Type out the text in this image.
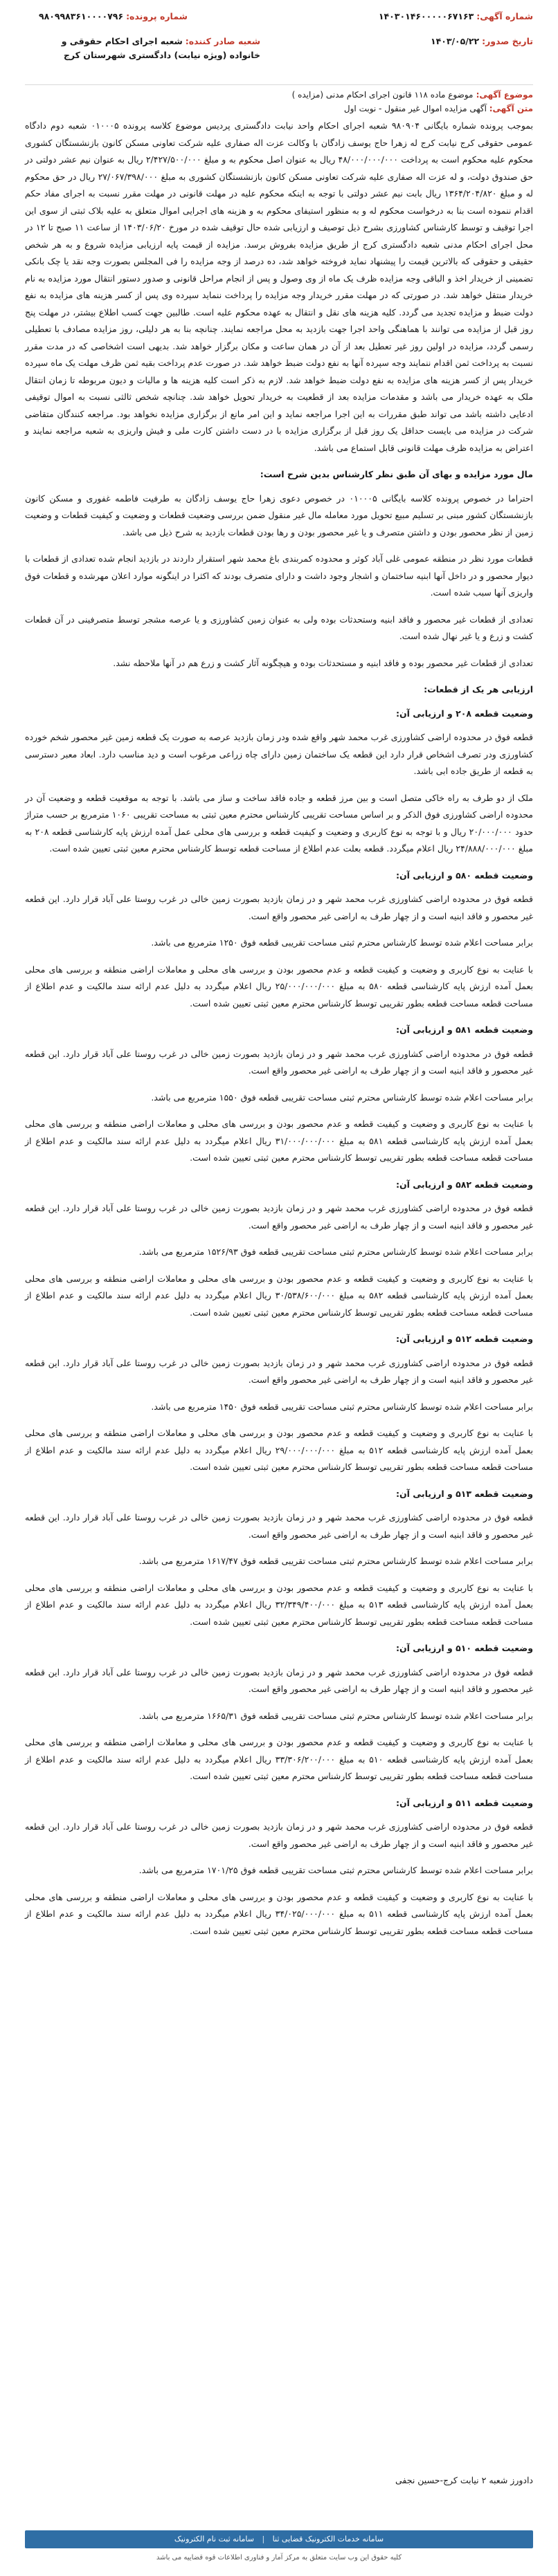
شماره آگهی: ۱۴۰۳۰۱۴۶۰۰۰۰۰۶۷۱۶۳
شماره پرونده: ۹۸۰۹۹۸۳۶۱۰۰۰۰۷۹۶
تاریخ صدور: ۱۴۰۳/۰۵/۲۲
شعبه صادر کننده: شعبه اجرای احکام حقوقی و خانواده (ویژه نیابت) دادگستری شهرستان کرج
موضوع آگهی: موضوع ماده ۱۱۸ قانون اجرای احکام مدنی (مزایده )
متن آگهی: آگهی مزایده اموال غیر منقول - نوبت اول

بموجب پرونده شماره بایگانی ۹۸۰۹۰۴ شعبه اجرای احکام واحد نیابت دادگستری پردیس موضوع کلاسه پرونده ۰۱۰۰۰۵ شعبه دوم دادگاه عمومی حقوقی کرج نیابت کرج له زهرا حاج یوسف زادگان با وکالت عزت اله صفاری علیه شرکت تعاونی مسکن کانون بازنشستگان کشوری محکوم علیه محکوم است به پرداخت ۴۸/۰۰۰/۰۰۰/۰۰۰ ریال به عنوان اصل محکوم به و مبلغ ۲/۴۲۷/۵۰۰/۰۰۰ ریال به عنوان نیم عشر دولتی در حق صندوق دولت، و له عزت اله صفاری علیه شرکت تعاونی مسکن کانون بازنشستگان کشوری به مبلغ ۲۷/۰۶۷/۳۹۸/۰۰۰ ریال در حق محکوم له و مبلغ ۱۳۶۴/۲۰۴/۸۲۰ ریال بابت نیم عشر دولتی با توجه به اینکه محکوم علیه در مهلت قانونی در مهلت مقرر نسبت به اجرای مفاد حکم اقدام ننموده است بنا به درخواست محکوم له و به منظور استیفای محکوم به و هزینه های اجرایی اموال متعلق به علیه بلاک ثبتی از سوی این اجرا توقیف و توسط کارشناس کشاورزی بشرح ذیل توصیف و ارزیابی شده حال توقیف شده در مورخ ۱۴۰۳/۰۶/۲۰ از ساعت ۱۱ صبح تا ۱۲ در محل اجرای احکام مدنی شعبه دادگستری کرج از طریق مزایده بفروش برسد. مزایده از قیمت پایه ارزیابی مزایده شروع و به هر شخص حقیقی و حقوقی که بالاترین قیمت را پیشنهاد نماید فروخته خواهد شد، ده درصد از وجه مزایده را فی المجلس بصورت وجه نقد یا چک بانکی تضمینی از خریدار اخذ و الباقی وجه مزایده ظرف یک ماه از وی وصول و پس از انجام مراحل قانونی و صدور دستور انتقال مورد مزایده به نام خریدار منتقل خواهد شد. در صورتی که در مهلت مقرر خریدار وجه مزایده را پرداخت ننماید سپرده وی پس از کسر هزینه های مزایده به نفع دولت ضبط و مزایده تجدید می گردد. کلیه هزینه های نقل و انتقال به عهده محکوم علیه است. طالبین جهت کسب اطلاع بیشتر، در مهلت پنج روز قبل از مزایده می توانند با هماهنگی واحد اجرا جهت بازدید به محل مراجعه نمایند. چنانچه بنا به هر دلیلی، روز مزایده مصادف با تعطیلی رسمی گردد، مزایده در اولین روز غیر تعطیل بعد از آن در همان ساعت و مکان برگزار خواهد شد. بدیهی است اشخاصی که در مدت مقرر نسبت به پرداخت ثمن اقدام ننمایند وجه سپرده آنها به نفع دولت ضبط خواهد شد. در صورت عدم پرداخت بقیه ثمن ظرف مهلت یک ماه سپرده خریدار پس از کسر هزینه های مزایده به نفع دولت ضبط خواهد شد. لازم به ذکر است کلیه هزینه ها و مالیات و دیون مربوطه تا زمان انتقال ملک به عهده خریدار می باشد و مقدمات مزایده بعد از قطعیت به خریدار تحویل خواهد شد. چنانچه شخص ثالثی نسبت به اموال توقیفی ادعایی داشته باشد می تواند طبق مقررات به این اجرا مراجعه نماید و این امر مانع از برگزاری مزایده نخواهد بود. مراجعه کنندگان متقاضی شرکت در مزایده می بایست حداقل یک روز قبل از برگزاری مزایده با در دست داشتن کارت ملی و فیش واریزی به شعبه مراجعه نمایند و اعتراض به مزایده ظرف مهلت قانونی قابل استماع می باشد.

مال مورد مزایده و بهای آن طبق نظر کارشناس بدین شرح است:

احتراما در خصوص پرونده کلاسه بایگانی ۰۱۰۰۰۵ در خصوص دعوی زهرا حاج یوسف زادگان به طرفیت فاطمه غفوری و مسکن کانون بازنشستگان کشور مبنی بر تسلیم مبیع تحویل مورد معامله مال غیر منقول ضمن بررسی وضعیت قطعات و وضعیت و کیفیت قطعات و وضعیت زمین از نظر محصور بودن و داشتن متصرف و یا غیر محصور بودن و رها بودن قطعات بازدید به شرح ذیل می باشد.

قطعات مورد نظر در منطقه عمومی غلی آباد کوثر و محدوده کمربندی باغ محمد شهر استقرار داردند در بازدید انجام شده تعدادی از قطعات با دیوار محصور و در داخل آنها ابنیه ساختمان و اشجار وجود داشت و دارای متصرف بودند که اکثرا در اینگونه موارد اعلان مهرشده و قطعات فوق واریزی آنها سبب شده است.

تعدادی از قطعات غیر محصور و فاقد ابنیه وستحدثات بوده ولی به عنوان زمین کشاورزی و یا عرصه مشجر توسط متصرفینی در آن قطعات کشت و زرع و یا غیر نهال شده است.

تعدادی از قطعات غیر محصور بوده و فاقد ابنیه و مستحدثات بوده و هیچگونه آثار کشت و زرع هم در آنها ملاحظه نشد.

ارزیابی هر یک از قطعات:

وضعیت قطعه ۲۰۸ و ارزیابی آن:

قطعه فوق در محدوده اراضی کشاورزی غرب محمد شهر واقع شده ودر زمان بازدید عرصه به صورت یک قطعه زمین غیر محصور شخم خورده کشاورزی ودر تصرف اشخاص قرار دارد این قطعه یک ساختمان زمین دارای چاه زراعی مرغوب است و دید مناسب دارد. ابعاد معبر دسترسی به قطعه از طریق جاده ابی باشد.

ملک از دو طرف به راه خاکی متصل است و بین مرز قطعه و جاده فاقد ساخت و ساز می باشد. با توجه به موقعیت قطعه و وضعیت آن در محدوده اراضی کشاورزی فوق الذکر و بر اساس مساحت تقریبی کارشناس محترم معین ثبتی به مساحت تقریبی ۱۰۶۰ مترمربع بر حسب متراژ حدود ۲۰/۰۰۰/۰۰۰ ریال و با توجه به نوع کاربری و وضعیت و کیفیت قطعه و بررسی های محلی عمل آمده ارزش پایه کارشناسی قطعه ۲۰۸ به مبلغ ۲۴/۸۸۸/۰۰۰/۰۰۰ ریال اعلام میگردد. قطعه بعلت عدم اطلاع از مساحت قطعه توسط کارشناس محترم معین ثبتی تعیین شده است.

وضعیت قطعه ۵۸۰ و ارزیابی آن:

قطعه فوق در محدوده اراضی کشاورزی غرب محمد شهر و در زمان بازدید بصورت زمین خالی در غرب روستا علی آباد قرار دارد. این قطعه غیر محصور و فاقد ابنیه است و از چهار طرف به اراضی غیر محصور واقع است.

برابر مساحت اعلام شده توسط کارشناس محترم ثبتی مساحت تقریبی قطعه فوق ۱۲۵۰ مترمربع می باشد.

با عنایت به نوع کاربری و وضعیت و کیفیت قطعه و عدم محصور بودن و بررسی های محلی و معاملات اراضی منطقه و بررسی های محلی بعمل آمده ارزش پایه کارشناسی قطعه ۵۸۰ به مبلغ ۲۵/۰۰۰/۰۰۰/۰۰۰ ریال اعلام میگردد به دلیل عدم ارائه سند مالکیت و عدم اطلاع از مساحت قطعه مساحت قطعه بطور تقریبی توسط کارشناس محترم معین ثبتی تعیین شده است.

وضعیت قطعه ۵۸۱ و ارزیابی آن:

قطعه فوق در محدوده اراضی کشاورزی غرب محمد شهر و در زمان بازدید بصورت زمین خالی در غرب روستا علی آباد قرار دارد. این قطعه غیر محصور و فاقد ابنیه است و از چهار طرف به اراضی غیر محصور واقع است.

برابر مساحت اعلام شده توسط کارشناس محترم ثبتی مساحت تقریبی قطعه فوق ۱۵۵۰ مترمربع می باشد.

با عنایت به نوع کاربری و وضعیت و کیفیت قطعه و عدم محصور بودن و بررسی های محلی و معاملات اراضی منطقه و بررسی های محلی بعمل آمده ارزش پایه کارشناسی قطعه ۵۸۱ به مبلغ ۳۱/۰۰۰/۰۰۰/۰۰۰ ریال اعلام میگردد به دلیل عدم ارائه سند مالکیت و عدم اطلاع از مساحت قطعه مساحت قطعه بطور تقریبی توسط کارشناس محترم معین ثبتی تعیین شده است.

وضعیت قطعه ۵۸۲ و ارزیابی آن:

قطعه فوق در محدوده اراضی کشاورزی غرب محمد شهر و در زمان بازدید بصورت زمین خالی در غرب روستا علی آباد قرار دارد. این قطعه غیر محصور و فاقد ابنیه است و از چهار طرف به اراضی غیر محصور واقع است.

برابر مساحت اعلام شده توسط کارشناس محترم ثبتی مساحت تقریبی قطعه فوق ۱۵۲۶/۹۳ مترمربع می باشد.

با عنایت به نوع کاربری و وضعیت و کیفیت قطعه و عدم محصور بودن و بررسی های محلی و معاملات اراضی منطقه و بررسی های محلی بعمل آمده ارزش پایه کارشناسی قطعه ۵۸۲ به مبلغ ۳۰/۵۳۸/۶۰۰/۰۰۰ ریال اعلام میگردد به دلیل عدم ارائه سند مالکیت و عدم اطلاع از مساحت قطعه مساحت قطعه بطور تقریبی توسط کارشناس محترم معین ثبتی تعیین شده است.

وضعیت قطعه ۵۱۲ و ارزیابی آن:

قطعه فوق در محدوده اراضی کشاورزی غرب محمد شهر و در زمان بازدید بصورت زمین خالی در غرب روستا علی آباد قرار دارد. این قطعه غیر محصور و فاقد ابنیه است و از چهار طرف به اراضی غیر محصور واقع است.

برابر مساحت اعلام شده توسط کارشناس محترم ثبتی مساحت تقریبی قطعه فوق ۱۴۵۰ مترمربع می باشد.

با عنایت به نوع کاربری و وضعیت و کیفیت قطعه و عدم محصور بودن و بررسی های محلی و معاملات اراضی منطقه و بررسی های محلی بعمل آمده ارزش پایه کارشناسی قطعه ۵۱۲ به مبلغ ۲۹/۰۰۰/۰۰۰/۰۰۰ ریال اعلام میگردد به دلیل عدم ارائه سند مالکیت و عدم اطلاع از مساحت قطعه مساحت قطعه بطور تقریبی توسط کارشناس محترم معین ثبتی تعیین شده است.

وضعیت قطعه ۵۱۳ و ارزیابی آن:

قطعه فوق در محدوده اراضی کشاورزی غرب محمد شهر و در زمان بازدید بصورت زمین خالی در غرب روستا علی آباد قرار دارد. این قطعه غیر محصور و فاقد ابنیه است و از چهار طرف به اراضی غیر محصور واقع است.

برابر مساحت اعلام شده توسط کارشناس محترم ثبتی مساحت تقریبی قطعه فوق ۱۶۱۷/۴۷ مترمربع می باشد.

با عنایت به نوع کاربری و وضعیت و کیفیت قطعه و عدم محصور بودن و بررسی های محلی و معاملات اراضی منطقه و بررسی های محلی بعمل آمده ارزش پایه کارشناسی قطعه ۵۱۳ به مبلغ ۳۲/۳۴۹/۴۰۰/۰۰۰ ریال اعلام میگردد به دلیل عدم ارائه سند مالکیت و عدم اطلاع از مساحت قطعه مساحت قطعه بطور تقریبی توسط کارشناس محترم معین ثبتی تعیین شده است.

وضعیت قطعه ۵۱۰ و ارزیابی آن:

قطعه فوق در محدوده اراضی کشاورزی غرب محمد شهر و در زمان بازدید بصورت زمین خالی در غرب روستا علی آباد قرار دارد. این قطعه غیر محصور و فاقد ابنیه است و از چهار طرف به اراضی غیر محصور واقع است.

برابر مساحت اعلام شده توسط کارشناس محترم ثبتی مساحت تقریبی قطعه فوق ۱۶۶۵/۳۱ مترمربع می باشد.

با عنایت به نوع کاربری و وضعیت و کیفیت قطعه و عدم محصور بودن و بررسی های محلی و معاملات اراضی منطقه و بررسی های محلی بعمل آمده ارزش پایه کارشناسی قطعه ۵۱۰ به مبلغ ۳۳/۳۰۶/۲۰۰/۰۰۰ ریال اعلام میگردد به دلیل عدم ارائه سند مالکیت و عدم اطلاع از مساحت قطعه مساحت قطعه بطور تقریبی توسط کارشناس محترم معین ثبتی تعیین شده است.

وضعیت قطعه ۵۱۱ و ارزیابی آن:

قطعه فوق در محدوده اراضی کشاورزی غرب محمد شهر و در زمان بازدید بصورت زمین خالی در غرب روستا علی آباد قرار دارد. این قطعه غیر محصور و فاقد ابنیه است و از چهار طرف به اراضی غیر محصور واقع است.

برابر مساحت اعلام شده توسط کارشناس محترم ثبتی مساحت تقریبی قطعه فوق ۱۷۰۱/۲۵ مترمربع می باشد.

با عنایت به نوع کاربری و وضعیت و کیفیت قطعه و عدم محصور بودن و بررسی های محلی و معاملات اراضی منطقه و بررسی های محلی بعمل آمده ارزش پایه کارشناسی قطعه ۵۱۱ به مبلغ ۳۴/۰۲۵/۰۰۰/۰۰۰ ریال اعلام میگردد به دلیل عدم ارائه سند مالکیت و عدم اطلاع از مساحت قطعه مساحت قطعه بطور تقریبی توسط کارشناس محترم معین ثبتی تعیین شده است.

دادورز شعبه ۲ نیابت کرج-حسین نجفی
سامانه خدمات الکترونیک قضایی ثنا | سامانه ثبت نام الکترونیک
کلیه حقوق این وب سایت متعلق به مرکز آمار و فناوری اطلاعات قوه قضاییه می باشد
